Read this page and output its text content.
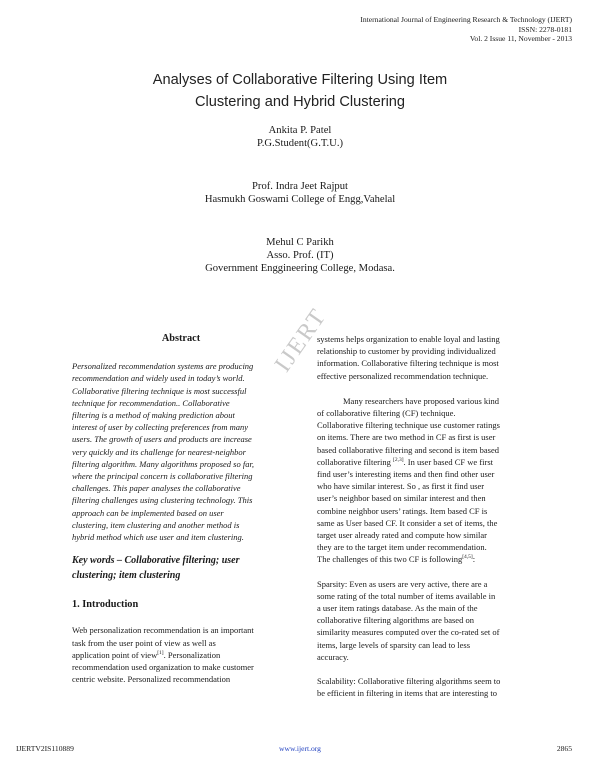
International Journal of Engineering Research & Technology (IJERT)
ISSN: 2278-0181
Vol. 2 Issue 11, November - 2013
Analyses of Collaborative Filtering Using Item
Clustering and Hybrid Clustering
Ankita P. Patel
P.G.Student(G.T.U.)
Prof. Indra Jeet Rajput
Hasmukh Goswami College of Engg,Vahelal
Mehul C Parikh
Asso. Prof. (IT)
Government Enggineering College, Modasa.
IJERT
Abstract

Personalized recommendation systems are producing

recommendation and widely used in today’s world.

Collaborative filtering technique is most successful

technique for recommendation.. Collaborative

filtering is a method of making prediction about

interest of user by collecting preferences from many

users. The growth of users and products are increase

very quickly and its challenge for nearest-neighbor

filtering algorithm. Many algorithms proposed so far,

where the principal concern is collaborative filtering

challenges. This paper analyses the collaborative

filtering challenges using clustering technology. This

approach can be implemented based on user

clustering, item clustering and another method is

hybrid method which use user and item clustering.

Key words – Collaborative filtering; user
clustering; item clustering
1. Introduction

Web personalization recommendation is an important

task from the user point of view as well as

application point of view[1]. Personalization

recommendation used organization to make customer

centric website. Personalized recommendation

systems helps organization to enable loyal and lasting

relationship to customer by providing individualized

information. Collaborative filtering technique is most

effective personalized recommendation technique.

Many researchers have proposed various kind

of collaborative filtering (CF) technique.

Collaborative filtering technique use customer ratings

on items. There are two method in CF as first is user

based collaborative filtering and second is item based

collaborative filtering [2,3]. In user based CF we first

find user’s interesting items and then find other user

who have similar interest. So , as first it find user

user’s neighbor based on similar interest and then

combine neighbor users’ ratings. Item based CF is

same as User based CF. It consider a set of items, the

target user already rated and compute how similar

they are to the target item under recommendation.

The challenges of this two CF is following[4,5]:

Sparsity: Even as users are very active, there are a

some rating of the total number of items available in

a user item ratings database. As the main of the

collaborative filtering algorithms are based on

similarity measures computed over the co-rated set of

items, large levels of sparsity can lead to less

accuracy.

Scalability: Collaborative filtering algorithms seem to

be efficient in filtering in items that are interesting to

IJERTV2IS110889	www.ijert.org	2865
